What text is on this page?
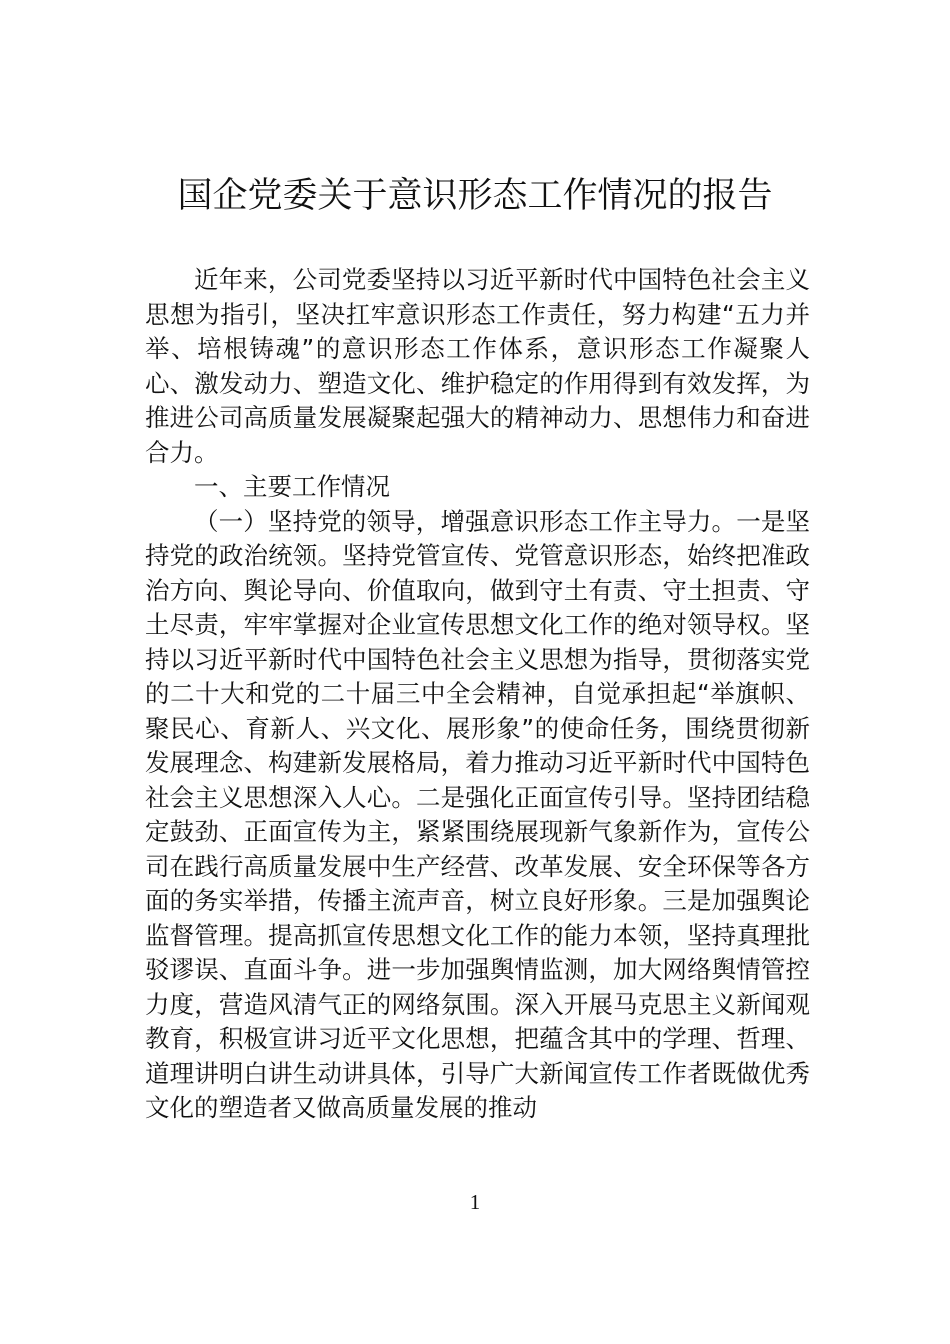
国企党委关于意识形态工作情况的报告

近年来，公司党委坚持以习近平新时代中国特色社会主义思想为指引，坚决扛牢意识形态工作责任，努力构建“五力并举、培根铸魂”的意识形态工作体系，意识形态工作凝聚人心、激发动力、塑造文化、维护稳定的作用得到有效发挥，为推进公司高质量发展凝聚起强大的精神动力、思想伟力和奋进合力。

一、主要工作情况

（一）坚持党的领导，增强意识形态工作主导力。一是坚持党的政治统领。坚持党管宣传、党管意识形态，始终把准政治方向、舆论导向、价值取向，做到守土有责、守土担责、守土尽责，牢牢掌握对企业宣传思想文化工作的绝对领导权。坚持以习近平新时代中国特色社会主义思想为指导，贯彻落实党的二十大和党的二十届三中全会精神，自觉承担起“举旗帜、聚民心、育新人、兴文化、展形象”的使命任务，围绕贯彻新发展理念、构建新发展格局，着力推动习近平新时代中国特色社会主义思想深入人心。二是强化正面宣传引导。坚持团结稳定鼓劲、正面宣传为主，紧紧围绕展现新气象新作为，宣传公司在践行高质量发展中生产经营、改革发展、安全环保等各方面的务实举措，传播主流声音，树立良好形象。三是加强舆论监督管理。提高抓宣传思想文化工作的能力本领，坚持真理批驳谬误、直面斗争。进一步加强舆情监测，加大网络舆情管控力度，营造风清气正的网络氛围。深入开展马克思主义新闻观教育，积极宣讲习近平文化思想，把蕴含其中的学理、哲理、道理讲明白讲生动讲具体，引导广大新闻宣传工作者既做优秀文化的塑造者又做高质量发展的推动

1
